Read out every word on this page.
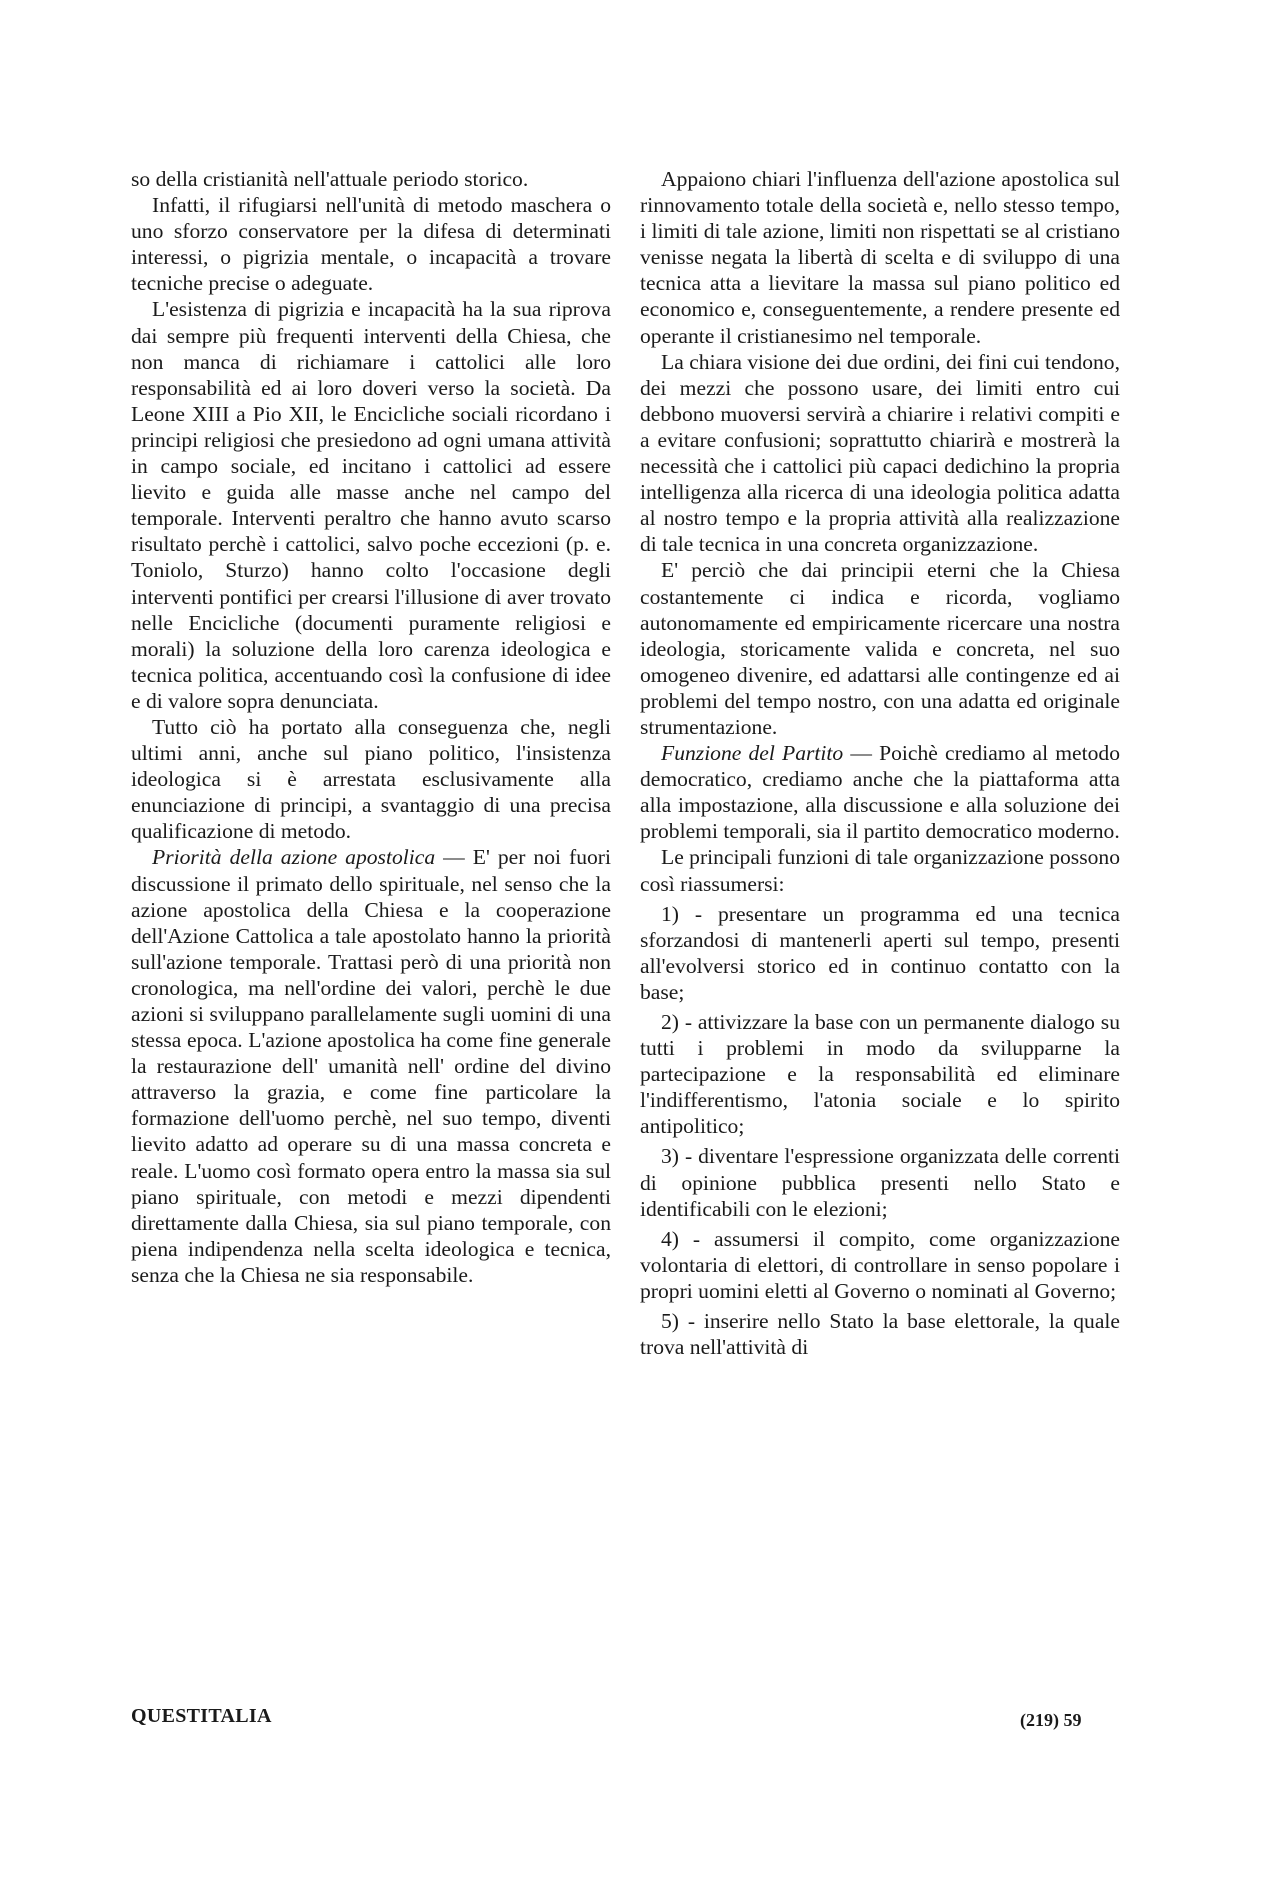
so della cristianità nell'attuale periodo storico.

Infatti, il rifugiarsi nell'unità di metodo maschera o uno sforzo conservatore per la difesa di determinati interessi, o pigrizia mentale, o incapacità a trovare tecniche precise o adeguate.

L'esistenza di pigrizia e incapacità ha la sua riprova dai sempre più frequenti interventi della Chiesa, che non manca di richiamare i cattolici alle loro responsabilità ed ai loro doveri verso la società. Da Leone XIII a Pio XII, le Encicliche sociali ricordano i principi religiosi che presiedono ad ogni umana attività in campo sociale, ed incitano i cattolici ad essere lievito e guida alle masse anche nel campo del temporale. Interventi peraltro che hanno avuto scarso risultato perchè i cattolici, salvo poche eccezioni (p. e. Toniolo, Sturzo) hanno colto l'occasione degli interventi pontifici per crearsi l'illusione di aver trovato nelle Encicliche (documenti puramente religiosi e morali) la soluzione della loro carenza ideologica e tecnica politica, accentuando così la confusione di idee e di valore sopra denunciata.

Tutto ciò ha portato alla conseguenza che, negli ultimi anni, anche sul piano politico, l'insistenza ideologica si è arrestata esclusivamente alla enunciazione di principi, a svantaggio di una precisa qualificazione di metodo.

Priorità della azione apostolica — E' per noi fuori discussione il primato dello spirituale, nel senso che la azione apostolica della Chiesa e la cooperazione dell'Azione Cattolica a tale apostolato hanno la priorità sull'azione temporale. Trattasi però di una priorità non cronologica, ma nell'ordine dei valori, perchè le due azioni si sviluppano parallelamente sugli uomini di una stessa epoca. L'azione apostolica ha come fine generale la restaurazione dell' umanità nell' ordine del divino attraverso la grazia, e come fine particolare la formazione dell'uomo perchè, nel suo tempo, diventi lievito adatto ad operare su di una massa concreta e reale. L'uomo così formato opera entro la massa sia sul piano spirituale, con metodi e mezzi dipendenti direttamente dalla Chiesa, sia sul piano temporale, con piena indipendenza nella scelta ideologica e tecnica, senza che la Chiesa ne sia responsabile.

Appaiono chiari l'influenza dell'azione apostolica sul rinnovamento totale della società e, nello stesso tempo, i limiti di tale azione, limiti non rispettati se al cristiano venisse negata la libertà di scelta e di sviluppo di una tecnica atta a lievitare la massa sul piano politico ed economico e, conseguentemente, a rendere presente ed operante il cristianesimo nel temporale.

La chiara visione dei due ordini, dei fini cui tendono, dei mezzi che possono usare, dei limiti entro cui debbono muoversi servirà a chiarire i relativi compiti e a evitare confusioni; soprattutto chiarirà e mostrerà la necessità che i cattolici più capaci dedichino la propria intelligenza alla ricerca di una ideologia politica adatta al nostro tempo e la propria attività alla realizzazione di tale tecnica in una concreta organizzazione.

E' perciò che dai principii eterni che la Chiesa costantemente ci indica e ricorda, vogliamo autonomamente ed empiricamente ricercare una nostra ideologia, storicamente valida e concreta, nel suo omogeneo divenire, ed adattarsi alle contingenze ed ai problemi del tempo nostro, con una adatta ed originale strumentazione.

Funzione del Partito — Poichè crediamo al metodo democratico, crediamo anche che la piattaforma atta alla impostazione, alla discussione e alla soluzione dei problemi temporali, sia il partito democratico moderno.

Le principali funzioni di tale organizzazione possono così riassumersi:

1) - presentare un programma ed una tecnica sforzandosi di mantenerli aperti sul tempo, presenti all'evolversi storico ed in continuo contatto con la base;

2) - attivizzare la base con un permanente dialogo su tutti i problemi in modo da svilupparne la partecipazione e la responsabilità ed eliminare l'indifferentismo, l'atonia sociale e lo spirito antipolitico;

3) - diventare l'espressione organizzata delle correnti di opinione pubblica presenti nello Stato e identificabili con le elezioni;

4) - assumersi il compito, come organizzazione volontaria di elettori, di controllare in senso popolare i propri uomini eletti al Governo o nominati al Governo;

5) - inserire nello Stato la base elettorale, la quale trova nell'attività di

QUESTITALIA	(219) 59
